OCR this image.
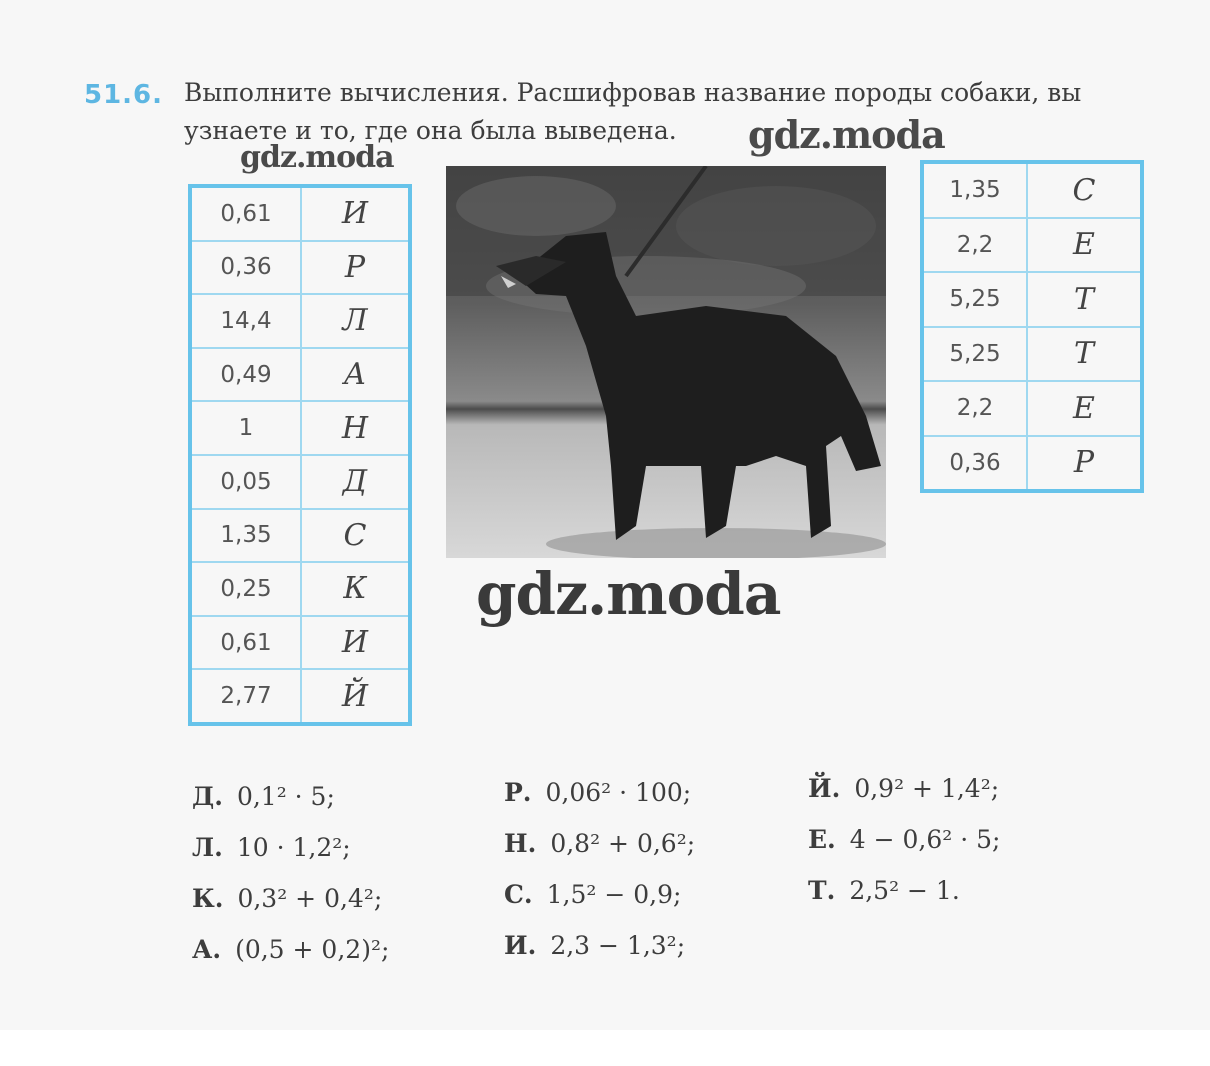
51.6. Выполните вычисления. Расшифровав название породы собаки, вы узнаете и то, где она была выведена.

gdz.moda
gdz.moda
0,61	И
0,36	Р
14,4	Л
0,49	А
1	Н
0,05	Д
1,35	С
0,25	К
0,61	И
2,77	Й
1,35	С
2,2	Е
5,25	Т
5,25	Т
2,2	Е
0,36	Р
gdz.moda
Д. 0,1² · 5;
Л. 10 · 1,2²;
К. 0,3² + 0,4²;
А. (0,5 + 0,2)²;
Р. 0,06² · 100;
Н. 0,8² + 0,6²;
С. 1,5² − 0,9;
И. 2,3 − 1,3²;
Й. 0,9² + 1,4²;
Е. 4 − 0,6² · 5;
Т. 2,5² − 1.
